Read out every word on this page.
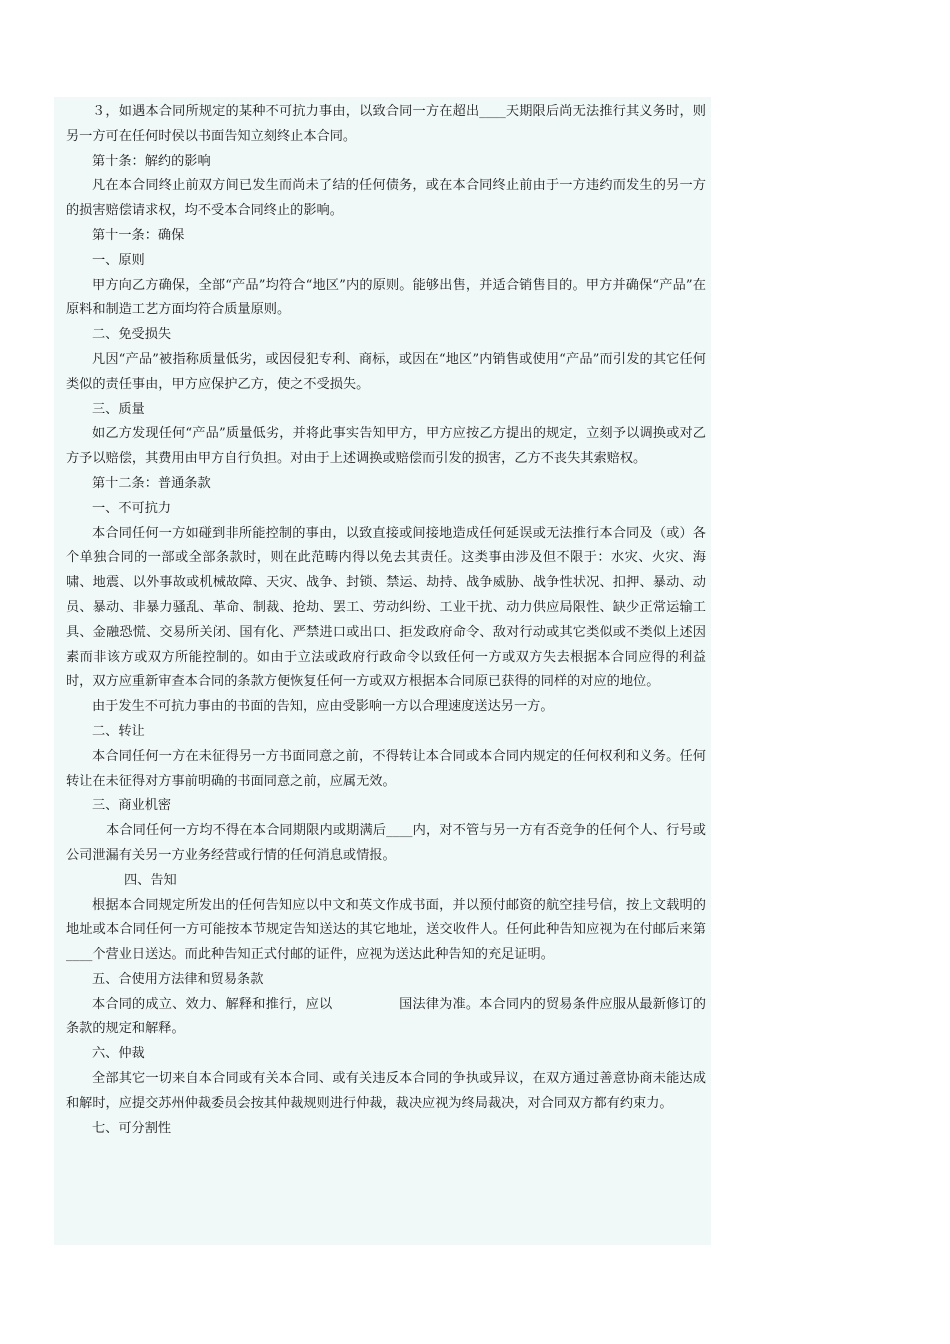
３，如遇本合同所规定的某种不可抗力事由，以致合同一方在超出____天期限后尚无法推行其义务时，则另一方可在任何时侯以书面告知立刻终止本合同。

第十条：解约的影响

凡在本合同终止前双方间已发生而尚未了结的任何债务，或在本合同终止前由于一方违约而发生的另一方的损害赔偿请求权，均不受本合同终止的影响。

第十一条：确保

一、原则

甲方向乙方确保，全部“产品”均符合“地区”内的原则。能够出售，并适合销售目的。甲方并确保“产品”在原料和制造工艺方面均符合质量原则。

二、免受损失

凡因“产品”被指称质量低劣，或因侵犯专利、商标，或因在“地区”内销售或使用“产品”而引发的其它任何类似的责任事由，甲方应保护乙方，使之不受损失。

三、质量

如乙方发现任何“产品”质量低劣，并将此事实告知甲方，甲方应按乙方提出的规定，立刻予以调换或对乙方予以赔偿，其费用由甲方自行负担。对由于上述调换或赔偿而引发的损害，乙方不丧失其索赔权。

第十二条：普通条款

一、不可抗力

本合同任何一方如碰到非所能控制的事由，以致直接或间接地造成任何延误或无法推行本合同及（或）各个单独合同的一部或全部条款时，则在此范畴内得以免去其责任。这类事由涉及但不限于：水灾、火灾、海啸、地震、以外事故或机械故障、天灾、战争、封锁、禁运、劫持、战争威胁、战争性状况、扣押、暴动、动员、暴动、非暴力骚乱、革命、制裁、抢劫、罢工、劳动纠纷、工业干扰、动力供应局限性、缺少正常运输工具、金融恐慌、交易所关闭、国有化、严禁进口或出口、拒发政府命令、敌对行动或其它类似或不类似上述因素而非该方或双方所能控制的。如由于立法或政府行政命令以致任何一方或双方失去根据本合同应得的利益时，双方应重新审查本合同的条款方便恢复任何一方或双方根据本合同原已获得的同样的对应的地位。

由于发生不可抗力事由的书面的告知，应由受影响一方以合理速度送达另一方。

二、转让

本合同任何一方在未征得另一方书面同意之前，不得转让本合同或本合同内规定的任何权利和义务。任何转让在未征得对方事前明确的书面同意之前，应属无效。

三、商业机密

本合同任何一方均不得在本合同期限内或期满后____内，对不管与另一方有否竞争的任何个人、行号或公司泄漏有关另一方业务经营或行情的任何消息或情报。

四、告知

根据本合同规定所发出的任何告知应以中文和英文作成书面，并以预付邮资的航空挂号信，按上文载明的地址或本合同任何一方可能按本节规定告知送达的其它地址，送交收件人。任何此种告知应视为在付邮后来第____个营业日送达。而此种告知正式付邮的证件，应视为送达此种告知的充足证明。

五、合使用方法律和贸易条款

本合同的成立、效力、解释和推行，应以　　　　　国法律为准。本合同内的贸易条件应服从最新修订的　　　　　条款的规定和解释。

六、仲裁

全部其它一切来自本合同或有关本合同、或有关违反本合同的争执或异议，在双方通过善意协商未能达成和解时，应提交苏州仲裁委员会按其仲裁规则进行仲裁，裁决应视为终局裁决，对合同双方都有约束力。

七、可分割性
